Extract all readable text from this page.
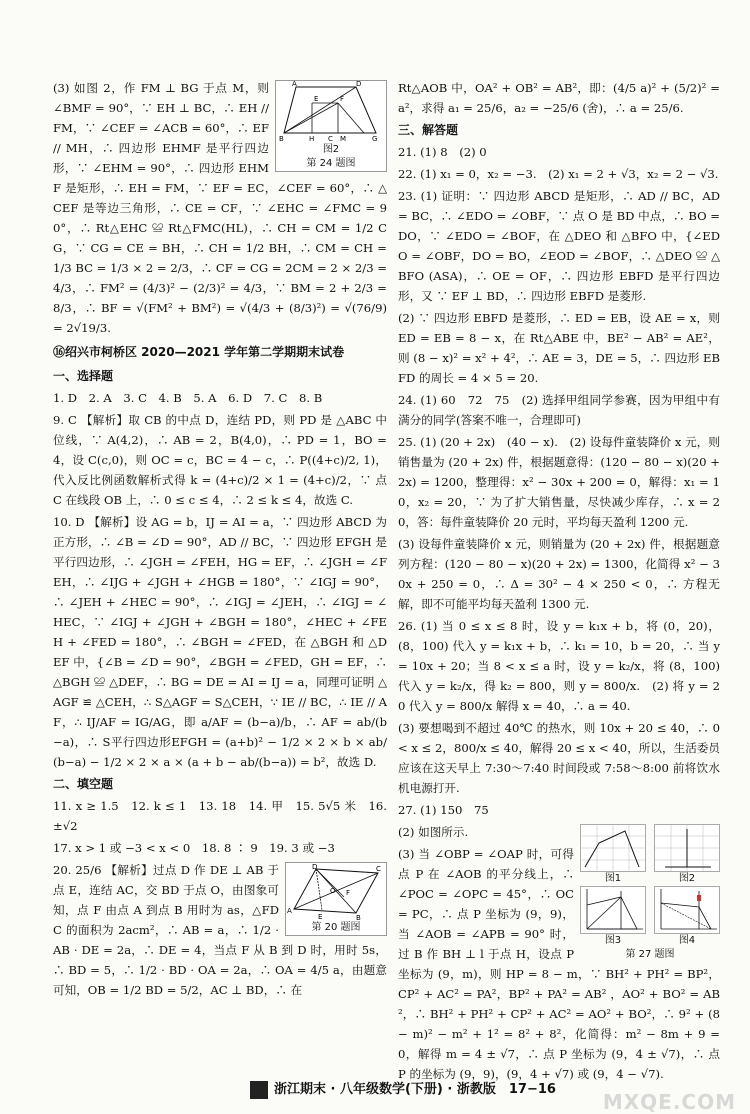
A	D
E	F
B	H C M	G
图2
第 24 题图

(3) 如图 2，作 FM ⊥ BG 于点 M，则 ∠BMF = 90°，∵ EH ⊥ BC，∴ EH // FM，∵ ∠CEF = ∠ACB = 60°，∴ EF // MH，∴ 四边形 EHMF 是平行四边形，∵ ∠EHM = 90°，∴ 四边形 EHMF 是矩形，∴ EH = FM，∵ EF = EC，∠CEF = 60°，∴ △CEF 是等边三角形，∴ CE = CF，∵ ∠EHC = ∠FMC = 90°，∴ Rt△EHC ≌ Rt△FMC(HL)，∴ CH = CM = 1/2 CG，∵ CG = CE = BH，∴ CH = 1/2 BH，∴ CM = CH = 1/3 BC = 1/3 × 2 = 2/3，∴ CF = CG = 2CM = 2 × 2/3 = 4/3，∴ FM² = (4/3)² − (2/3)² = 4/3，∵ BM = 2 + 2/3 = 8/3，∴ BF = √(FM² + BM²) = √(4/3 + (8/3)²) = √(76/9) = 2√19/3.

⑯绍兴市柯桥区 2020—2021 学年第二学期期末试卷
一、选择题

1. D　2. A　3. C　4. B　5. A　6. D　7. C　8. B

9. C 【解析】取 CB 的中点 D，连结 PD，则 PD 是 △ABC 中位线，∵ A(4,2)，∴ AB = 2，B(4,0)，∴ PD = 1，BO = 4，设 C(c,0)，则 OC = c，BC = 4 − c，∴ P((4+c)/2, 1)，代入反比例函数解析式得 k = (4+c)/2 × 1 = (4+c)/2，∵ 点 C 在线段 OB 上，∴ 0 ≤ c ≤ 4，∴ 2 ≤ k ≤ 4，故选 C.

10. D 【解析】设 AG = b，IJ = AI = a，∵ 四边形 ABCD 为正方形，∴ ∠B = ∠D = 90°，AD // BC，∵ 四边形 EFGH 是平行四边形，∴ ∠JGH = ∠FEH，HG = EF，∴ ∠JGH = ∠FEH，∴ ∠IJG + ∠JGH + ∠HGB = 180°，∵ ∠IGJ = 90°，∴ ∠JEH + ∠HEC = 90°，∴ ∠IGJ = ∠JEH，∴ ∠IGJ = ∠HEC，∵ ∠IGJ + ∠JGH + ∠BGH = 180°，∠HEC + ∠FEH + ∠FED = 180°，∴ ∠BGH = ∠FED，在 △BGH 和 △DEF 中，{∠B = ∠D = 90°，∠BGH = ∠FED，GH = EF，∴ △BGH ≌ △DEF，∴ BG = DE = AI = IJ = a，同理可证明 △AGF ≌ △CEH，∴ S△AGF = S△CEH，∵ IE // BC，∴ IE // AF，∴ IJ/AF = IG/AG，即 a/AF = (b−a)/b，∴ AF = ab/(b−a)，∴ S平行四边形EFGH = (a+b)² − 1/2 × 2 × b × ab/(b−a) − 1/2 × 2 × a × (a + b − ab/(b−a)) = b²，故选 D.

二、填空题

11. x ≥ 1.5　12. k ≤ 1　13. 18　14. 甲　15. 5√5 米　16. ±√2

17. x > 1 或 −3 < x < 0　18. 8 ∶ 9　19. 3 或 −3

D	C
F
O
A
E	B
第 20 题图

20. 25/6 【解析】过点 D 作 DE ⊥ AB 于点 E，连结 AC，交 BD 于点 O，由图象可知，点 F 由点 A 到点 B 用时为 as，△FDC 的面积为 2acm²，∴ AB = a，∴ 1/2 · AB · DE = 2a，∴ DE = 4，当点 F 从 B 到 D 时，用时 5s，∴ BD = 5，∴ 1/2 · BD · OA = 2a，∴ OA = 4/5 a，由题意可知，OB = 1/2 BD = 5/2，AC ⊥ BD，∴ 在

Rt△AOB 中，OA² + OB² = AB²，即：(4/5 a)² + (5/2)² = a²，求得 a₁ = 25/6，a₂ = −25/6 (舍)，∴ a = 25/6.

三、解答题

21. (1) 8　(2) 0

22. (1) x₁ = 0，x₂ = −3.　(2) x₁ = 2 + √3，x₂ = 2 − √3.

23. (1) 证明：∵ 四边形 ABCD 是矩形，∴ AD // BC，AD = BC，∴ ∠EDO = ∠OBF，∵ 点 O 是 BD 中点，∴ BO = DO，∵ ∠EDO = ∠BOF，在 △DEO 和 △BFO 中，{∠EDO = ∠OBF，DO = BO，∠EOD = ∠BOF，∴ △DEO ≌ △BFO (ASA)，∴ OE = OF，∴ 四边形 EBFD 是平行四边形，又 ∵ EF ⊥ BD，∴ 四边形 EBFD 是菱形.

(2) ∵ 四边形 EBFD 是菱形，∴ ED = EB，设 AE = x，则 ED = EB = 8 − x，在 Rt△ABE 中，BE² − AB² = AE²，则 (8 − x)² = x² + 4²，∴ AE = 3，DE = 5，∴ 四边形 EBFD 的周长 = 4 × 5 = 20.

24. (1) 60　72　75　(2) 选择甲组同学参赛，因为甲组中有满分的同学(答案不唯一，合理即可)

25. (1) (20 + 2x)　(40 − x).　(2) 设每件童装降价 x 元，则销售量为 (20 + 2x) 件，根据题意得：(120 − 80 − x)(20 + 2x) = 1200，整理得：x² − 30x + 200 = 0，解得：x₁ = 10，x₂ = 20，∵ 为了扩大销售量，尽快减少库存，∴ x = 20，答：每件童装降价 20 元时，平均每天盈利 1200 元.

(3) 设每件童装降价 x 元，则销量为 (20 + 2x) 件，根据题意列方程：(120 − 80 − x)(20 + 2x) = 1300，化简得 x² − 30x + 250 = 0，∴ Δ = 30² − 4 × 250 < 0，∴ 方程无解，即不可能平均每天盈利 1300 元.

26. (1) 当 0 ≤ x ≤ 8 时，设 y = k₁x + b，将 (0，20)，(8，100) 代入 y = k₁x + b，∴ k₁ = 10，b = 20，∴ 当 y = 10x + 20；当 8 < x ≤ a 时，设 y = k₂/x，将 (8，100) 代入 y = k₂/x，得 k₂ = 800，则 y = 800/x.　(2) 将 y = 20 代入 y = 800/x 解得 x = 40，∴ a = 40.

(3) 要想喝到不超过 40℃ 的热水，则 10x + 20 ≤ 40，∴ 0 < x ≤ 2，800/x ≤ 40，解得 20 ≤ x < 40，所以，生活委员应该在这天早上 7:30～7:40 时间段或 7:58～8:00 前将饮水机电源打开.

27. (1) 150　75

图1	图2
图3	图4
第 27 题图

(2) 如图所示.

(3) 当 ∠OBP = ∠OAP 时，可得点 P 在 ∠AOB 的平分线上，∴ ∠POC = ∠OPC = 45°，∴ OC = PC，∴ 点 P 坐标为 (9，9)，当 ∠AOB = ∠APB = 90° 时，过 B 作 BH ⊥ l 于点 H，设点 P 坐标为 (9，m)，则 HP = 8 − m，∵ BH² + PH² = BP²，CP² + AC² = PA²，BP² + PA² = AB² ，AO² + BO² = AB²，∴ BH² + PH² + CP² + AC² = AO² + BO²，∴ 9² + (8 − m)² − m² + 1² = 8² + 8²，化简得：m² − 8m + 9 = 0，解得 m = 4 ± √7，∴ 点 P 坐标为 (9，4 ± √7)，∴ 点 P 的坐标为 (9，9)，(9，4 + √7) 或 (9，4 − √7).

浙江期末 · 八年级数学(下册) · 浙教版　17−16
MXQE.COM
